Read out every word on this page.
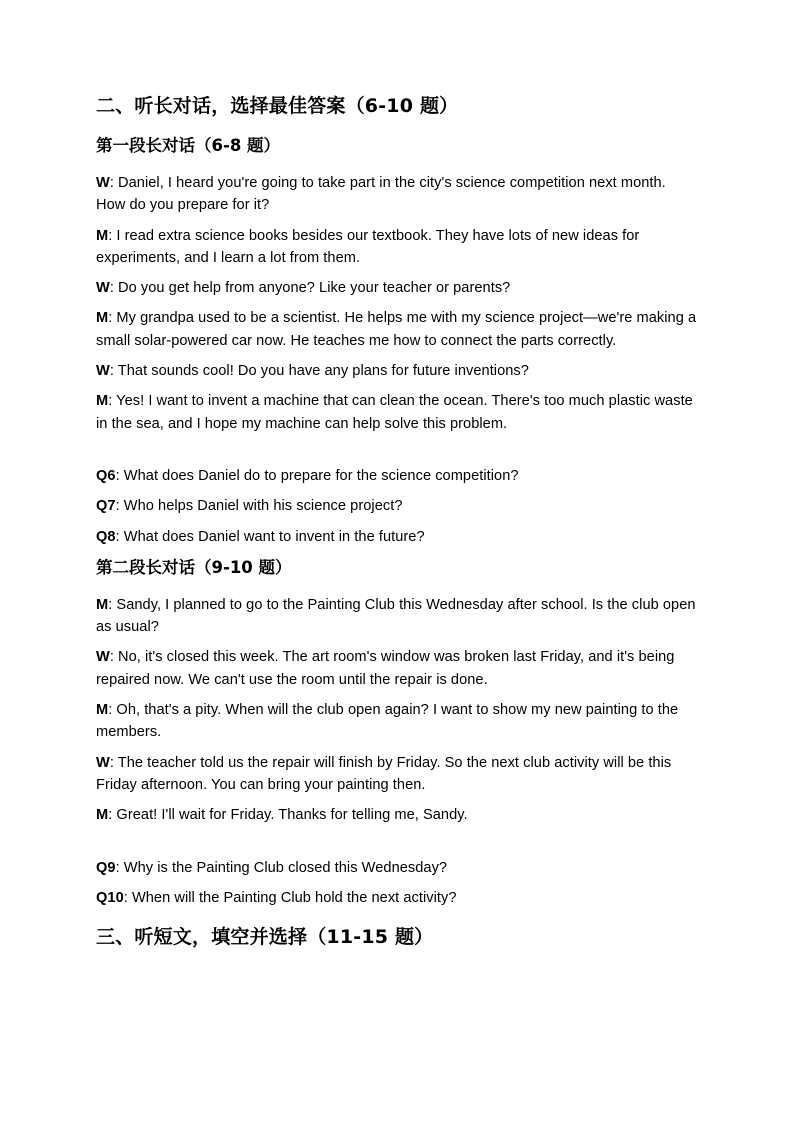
二、听长对话，选择最佳答案（6-10 题）
第一段长对话（6-8 题）

W: Daniel, I heard you're going to take part in the city's science competition next month. How do you prepare for it?

M: I read extra science books besides our textbook. They have lots of new ideas for experiments, and I learn a lot from them.

W: Do you get help from anyone? Like your teacher or parents?

M: My grandpa used to be a scientist. He helps me with my science project—we're making a small solar-powered car now. He teaches me how to connect the parts correctly.

W: That sounds cool! Do you have any plans for future inventions?

M: Yes! I want to invent a machine that can clean the ocean. There's too much plastic waste in the sea, and I hope my machine can help solve this problem.

Q6: What does Daniel do to prepare for the science competition?

Q7: Who helps Daniel with his science project?

Q8: What does Daniel want to invent in the future?

第二段长对话（9-10 题）

M: Sandy, I planned to go to the Painting Club this Wednesday after school. Is the club open as usual?

W: No, it's closed this week. The art room's window was broken last Friday, and it's being repaired now. We can't use the room until the repair is done.

M: Oh, that's a pity. When will the club open again? I want to show my new painting to the members.

W: The teacher told us the repair will finish by Friday. So the next club activity will be this Friday afternoon. You can bring your painting then.

M: Great! I'll wait for Friday. Thanks for telling me, Sandy.

Q9: Why is the Painting Club closed this Wednesday?

Q10: When will the Painting Club hold the next activity?

三、听短文，填空并选择（11-15 题）
